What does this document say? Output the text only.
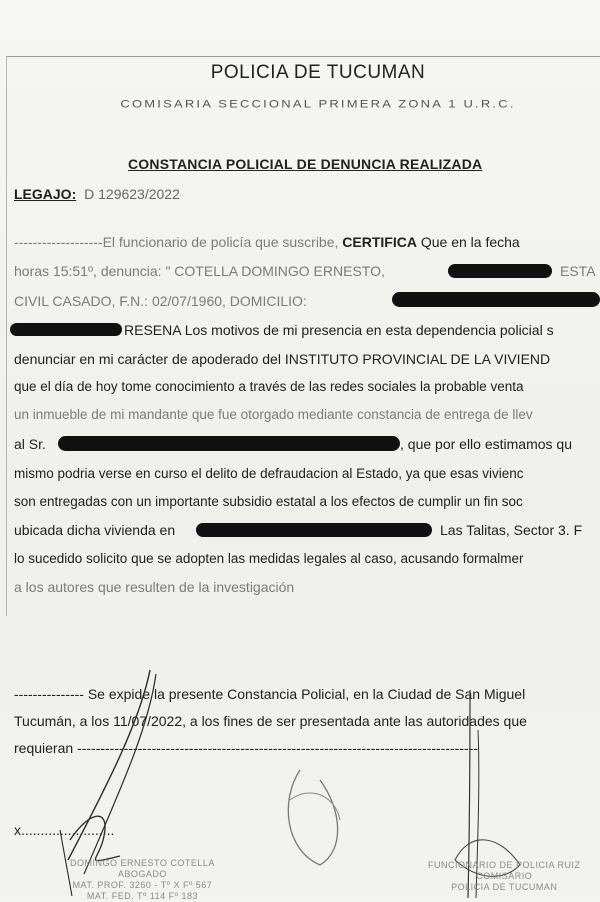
POLICIA DE TUCUMAN
COMISARIA SECCIONAL PRIMERA ZONA 1 U.R.C.
CONSTANCIA POLICIAL DE DENUNCIA REALIZADA
LEGAJO: D 129623/2022
-------------------El funcionario de policía que suscribe, CERTIFICA Que en la fecha
horas 15:51º, denuncia: " COTELLA DOMINGO ERNESTO,	ESTA
CIVIL CASADO, F.N.: 02/07/1960, DOMICILIO:
RESENA Los motivos de mi presencia en esta dependencia policial s
denunciar en mi carácter de apoderado del INSTITUTO PROVINCIAL DE LA VIVIEND
que el día de hoy tome conocimiento a través de las redes sociales la probable venta
un inmueble de mi mandante que fue otorgado mediante constancia de entrega de llev
al Sr.	, que por ello estimamos qu
mismo podria verse en curso el delito de defraudacion al Estado, ya que esas vivienc
son entregadas con un importante subsidio estatal a los efectos de cumplir un fin soc
ubicada dicha vivienda en	Las Talitas, Sector 3. F
lo sucedido solicito que se adopten las medidas legales al caso, acusando formalmer
a los autores que resulten de la investigación
--------------- Se expide la presente Constancia Policial, en la Ciudad de San Miguel
Tucumán, a los 11/07/2022, a los fines de ser presentada ante las autoridades que
requieran --------------------------------------------------------------------------------------
x........................
DOMINGO ERNESTO COTELLA
ABOGADO
MAT. PROF. 3260 - Tº X Fº 567
MAT. FED. Tº 114 Fº 183
FUNCIONARIO DE POLICIA RUIZ
COMISARIO
POLICIA DE TUCUMAN
